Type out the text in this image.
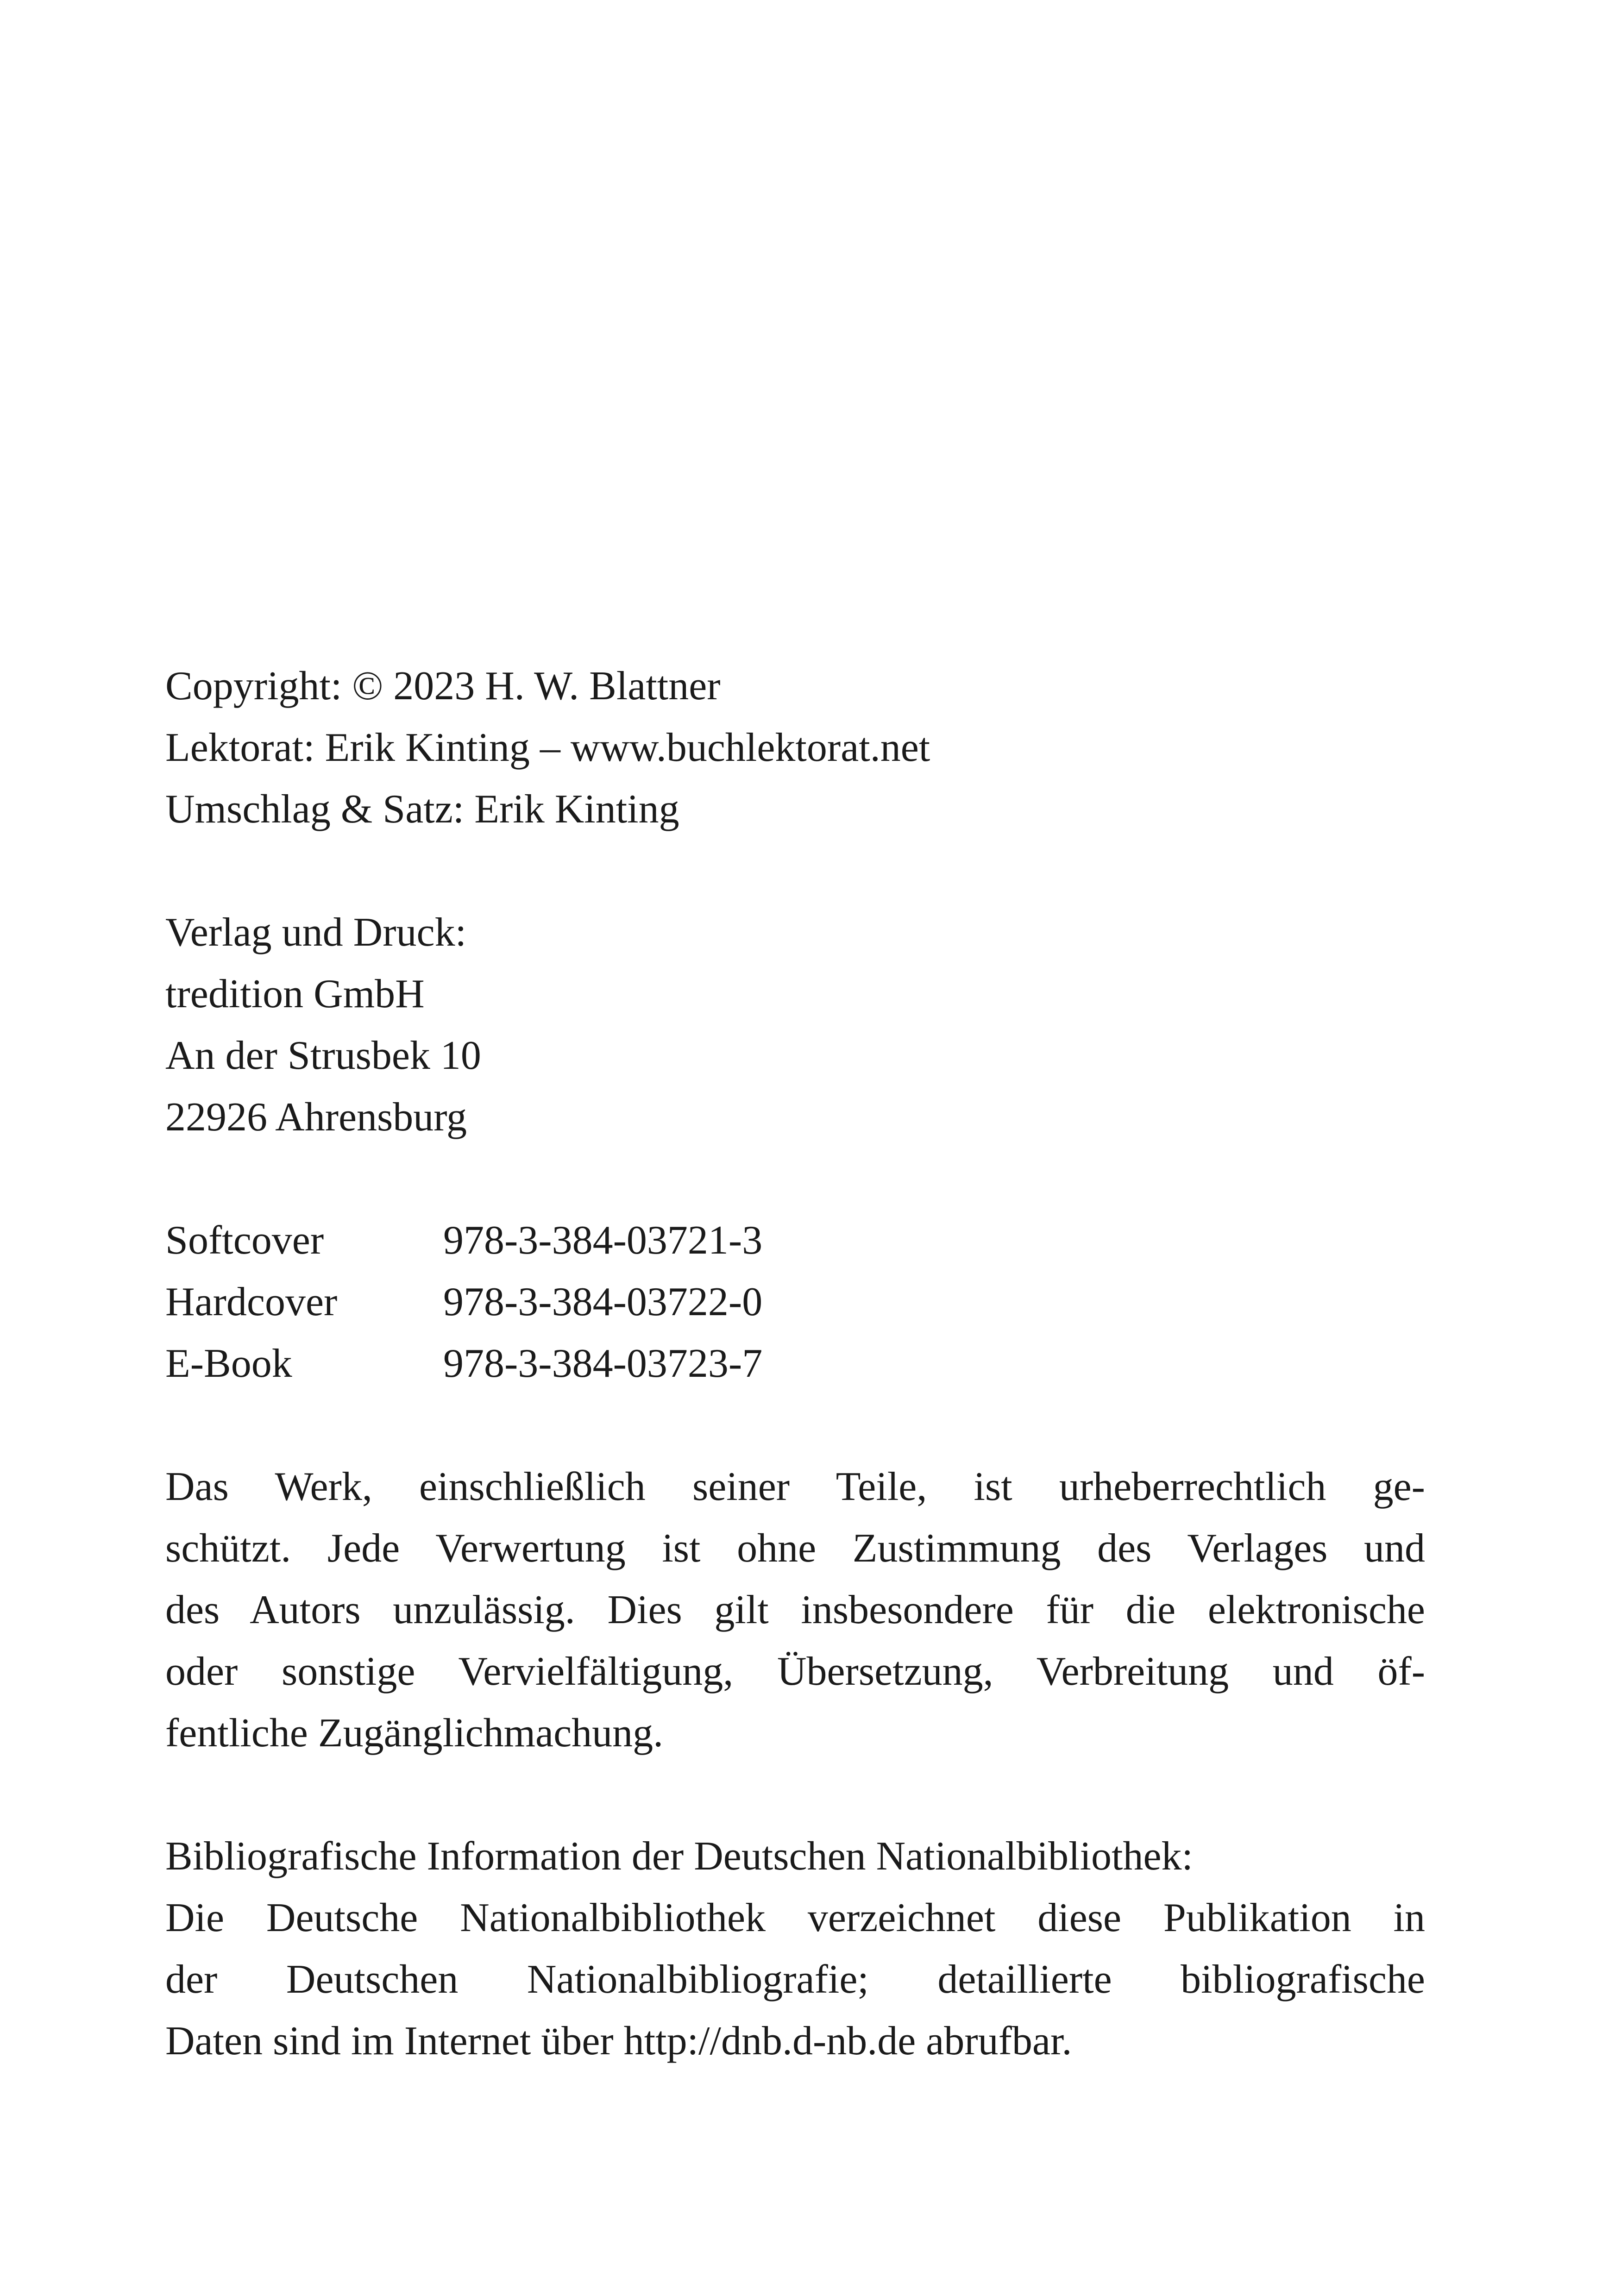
Copyright: © 2023 H. W. Blattner
Lektorat: Erik Kinting – www.buchlektorat.net
Umschlag & Satz: Erik Kinting
Verlag und Druck:
tredition GmbH
An der Strusbek 10
22926 Ahrensburg
Softcover	978-3-384-03721-3
Hardcover	978-3-384-03722-0
E-Book	978-3-384-03723-7
Das Werk, einschließlich seiner Teile, ist urheberrechtlich ge-
schützt. Jede Verwertung ist ohne Zustimmung des Verlages und
des Autors unzulässig. Dies gilt insbesondere für die elektronische
oder sonstige Vervielfältigung, Übersetzung, Verbreitung und öf-
fentliche Zugänglichmachung.
Bibliografische Information der Deutschen Nationalbibliothek:
Die Deutsche Nationalbibliothek verzeichnet diese Publikation in
der Deutschen Nationalbibliografie; detaillierte bibliografische
Daten sind im Internet über http://dnb.d-nb.de abrufbar.
